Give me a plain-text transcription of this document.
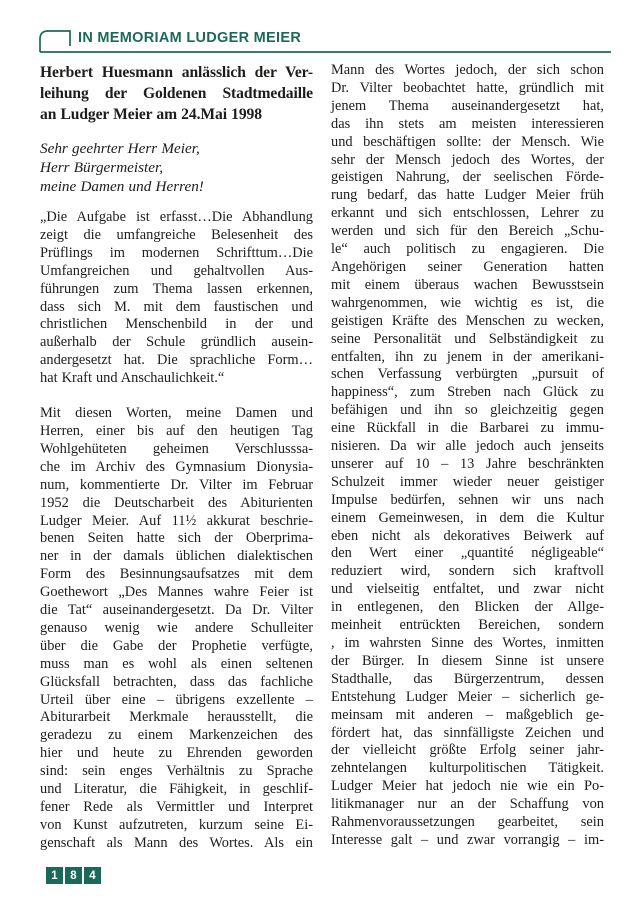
IN MEMORIAM LUDGER MEIER
Herbert Huesmann anlässlich der Ver-
leihung der Goldenen Stadtmedaille
an Ludger Meier am 24.Mai 1998
Sehr geehrter Herr Meier,
Herr Bürgermeister,
meine Damen und Herren!
„Die Aufgabe ist erfasst…Die Abhandlung
zeigt die umfangreiche Belesenheit des
Prüflings im modernen Schrifttum…Die
Umfangreichen und gehaltvollen Aus-
führungen zum Thema lassen erkennen,
dass sich M. mit dem faustischen und
christlichen Menschenbild in der und
außerhalb der Schule gründlich ausein-
andergesetzt hat. Die sprachliche Form…
hat Kraft und Anschaulichkeit.“
Mit diesen Worten, meine Damen und
Herren, einer bis auf den heutigen Tag
Wohlgehüteten geheimen Verschlusssa-
che im Archiv des Gymnasium Dionysia-
num, kommentierte Dr. Vilter im Februar
1952 die Deutscharbeit des Abiturienten
Ludger Meier. Auf 11½ akkurat beschrie-
benen Seiten hatte sich der Oberprima-
ner in der damals üblichen dialektischen
Form des Besinnungsaufsatzes mit dem
Goethewort „Des Mannes wahre Feier ist
die Tat“ auseinandergesetzt. Da Dr. Vilter
genauso wenig wie andere Schulleiter
über die Gabe der Prophetie verfügte,
muss man es wohl als einen seltenen
Glücksfall betrachten, dass das fachliche
Urteil über eine – übrigens exzellente –
Abiturarbeit Merkmale herausstellt, die
geradezu zu einem Markenzeichen des
hier und heute zu Ehrenden geworden
sind: sein enges Verhältnis zu Sprache
und Literatur, die Fähigkeit, in geschlif-
fener Rede als Vermittler und Interpret
von Kunst aufzutreten, kurzum seine Ei-
genschaft als Mann des Wortes. Als ein
Mann des Wortes jedoch, der sich schon
Dr. Vilter beobachtet hatte, gründlich mit
jenem Thema auseinandergesetzt hat,
das ihn stets am meisten interessieren
und beschäftigen sollte: der Mensch. Wie
sehr der Mensch jedoch des Wortes, der
geistigen Nahrung, der seelischen Förde-
rung bedarf, das hatte Ludger Meier früh
erkannt und sich entschlossen, Lehrer zu
werden und sich für den Bereich „Schu-
le“ auch politisch zu engagieren. Die
Angehörigen seiner Generation hatten
mit einem überaus wachen Bewusstsein
wahrgenommen, wie wichtig es ist, die
geistigen Kräfte des Menschen zu wecken,
seine Personalität und Selbständigkeit zu
entfalten, ihn zu jenem in der amerikani-
schen Verfassung verbürgten „pursuit of
happiness“, zum Streben nach Glück zu
befähigen und ihn so gleichzeitig gegen
eine Rückfall in die Barbarei zu immu-
nisieren. Da wir alle jedoch auch jenseits
unserer auf 10 – 13 Jahre beschränkten
Schulzeit immer wieder neuer geistiger
Impulse bedürfen, sehnen wir uns nach
einem Gemeinwesen, in dem die Kultur
eben nicht als dekoratives Beiwerk auf
den Wert einer „quantité négligeable“
reduziert wird, sondern sich kraftvoll
und vielseitig entfaltet, und zwar nicht
in entlegenen, den Blicken der Allge-
meinheit entrückten Bereichen, sondern
, im wahrsten Sinne des Wortes, inmitten
der Bürger. In diesem Sinne ist unsere
Stadthalle, das Bürgerzentrum, dessen
Entstehung Ludger Meier – sicherlich ge-
meinsam mit anderen – maßgeblich ge-
fördert hat, das sinnfälligste Zeichen und
der vielleicht größte Erfolg seiner jahr-
zehntelangen kulturpolitischen Tätigkeit.
Ludger Meier hat jedoch nie wie ein Po-
litikmanager nur an der Schaffung von
Rahmenvoraussetzungen gearbeitet, sein
Interesse galt – und zwar vorrangig – im-
1	8	4
